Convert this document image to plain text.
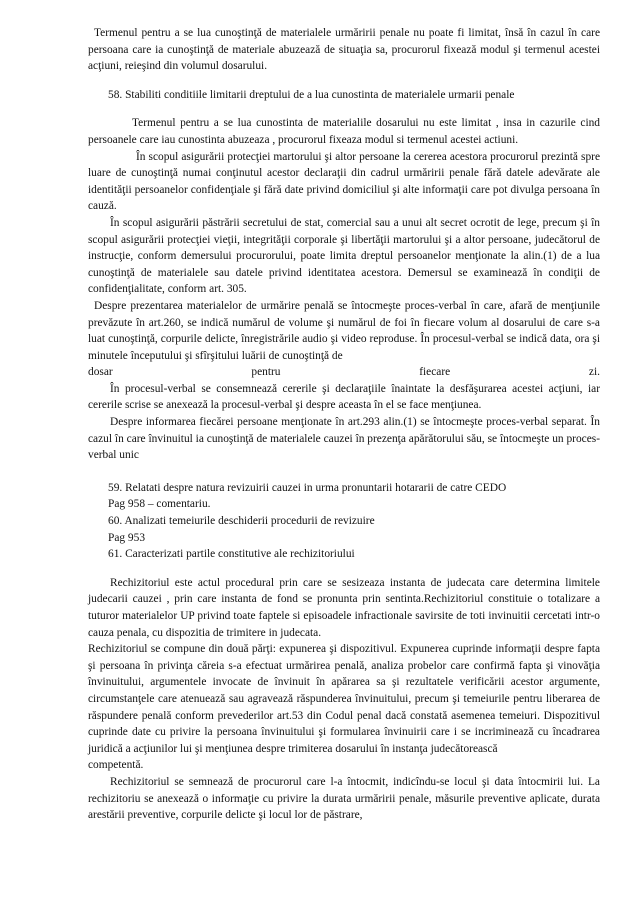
Termenul pentru a se lua cunoştinţă de materialele urmăririi penale nu poate fi limitat, însă în cazul în care persoana care ia cunoştinţă de materiale abuzează de situaţia sa, procurorul fixează modul şi termenul acestei acţiuni, reieşind din volumul dosarului.

58. Stabiliti conditiile limitarii dreptului de a lua cunostinta de materialele urmarii penale

Termenul pentru a se lua cunostinta de materialile dosarului nu este limitat , insa in cazurile cind persoanele care iau cunostinta abuzeaza , procurorul fixeaza modul si termenul acestei actiuni.

În scopul asigurării protecţiei martorului şi altor persoane la cererea acestora procurorul prezintă spre luare de cunoştinţă numai conţinutul acestor declaraţii din cadrul urmăririi penale fără datele adevărate ale identităţii persoanelor confidenţiale şi fără date privind domiciliul şi alte informaţii care pot divulga persoana în cauză.

În scopul asigurării păstrării secretului de stat, comercial sau a unui alt secret ocrotit de lege, precum şi în scopul asigurării protecţiei vieţii, integrităţii corporale şi libertăţii martorului şi a altor persoane, judecătorul de instrucţie, conform demersului procurorului, poate limita dreptul persoanelor menţionate la alin.(1) de a lua cunoştinţă de materialele sau datele privind identitatea acestora. Demersul se examinează în condiţii de confidenţialitate, conform art. 305.

Despre prezentarea materialelor de urmărire penală se întocmeşte proces-verbal în care, afară de menţiunile prevăzute în art.260, se indică numărul de volume şi numărul de foi în fiecare volum al dosarului de care s-a luat cunoştinţă, corpurile delicte, înregistrările audio şi video reproduse. În procesul-verbal se indică data, ora şi minutele începutului şi sfîrşitului luării de cunoştinţă de

dosar	pentru	fiecare	zi.

În procesul-verbal se consemnează cererile şi declaraţiile înaintate la desfăşurarea acestei acţiuni, iar cererile scrise se anexează la procesul-verbal şi despre aceasta în el se face menţiunea.

Despre informarea fiecărei persoane menţionate în art.293 alin.(1) se întocmeşte proces-verbal separat. În cazul în care învinuitul ia cunoştinţă de materialele cauzei în prezenţa apărătorului său, se întocmeşte un proces-verbal unic

59. Relatati despre natura revizuirii cauzei in urma pronuntarii hotararii de catre CEDO

Pag 958 – comentariu.

60. Analizati temeiurile deschiderii procedurii de revizuire

Pag 953

61. Caracterizati partile constitutive ale rechizitoriului

Rechizitoriul este actul procedural prin care se sesizeaza instanta de judecata care determina limitele judecarii cauzei , prin care instanta de fond se pronunta prin sentinta.Rechizitoriul constituie o totalizare a tuturor materialelor UP privind toate faptele si episoadele infractionale savirsite de toti invinuitii cercetati intr-o cauza penala, cu dispozitia de trimitere in judecata.

Rechizitoriul se compune din două părţi: expunerea şi dispozitivul. Expunerea cuprinde informaţii despre fapta şi persoana în privinţa căreia s-a efectuat urmărirea penală, analiza probelor care confirmă fapta şi vinovăţia învinuitului, argumentele invocate de învinuit în apărarea sa şi rezultatele verificării acestor argumente, circumstanţele care atenuează sau agravează răspunderea învinuitului, precum şi temeiurile pentru liberarea de răspundere penală conform prevederilor art.53 din Codul penal dacă constată asemenea temeiuri. Dispozitivul cuprinde date cu privire la persoana învinuitului şi formularea învinuirii care i se incriminează cu încadrarea juridică a acţiunilor lui şi menţiunea despre trimiterea dosarului în instanţa judecătorească

competentă.

Rechizitoriul se semnează de procurorul care l-a întocmit, indicîndu-se locul şi data întocmirii lui. La rechizitoriu se anexează o informaţie cu privire la durata urmăririi penale, măsurile preventive aplicate, durata arestării preventive, corpurile delicte şi locul lor de păstrare,
